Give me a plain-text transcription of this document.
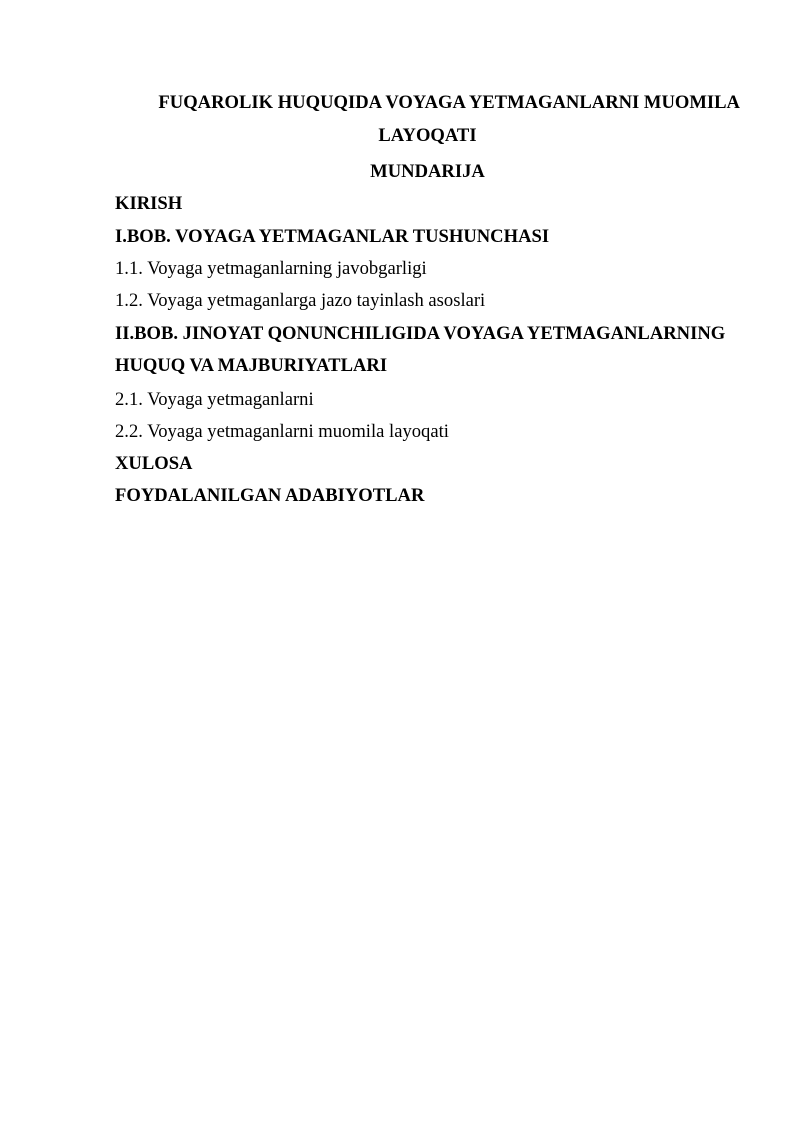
FUQAROLIK HUQUQIDA VOYAGA YETMAGANLARNI MUOMILA
LAYOQATI
MUNDARIJA
KIRISH
I.BOB. VOYAGA YETMAGANLAR TUSHUNCHASI
1.1. Voyaga yetmaganlarning javobgarligi
1.2. Voyaga yetmaganlarga jazo tayinlash asoslari
II.BOB. JINOYAT QONUNCHILIGIDA VOYAGA YETMAGANLARNING
HUQUQ VA MAJBURIYATLARI
2.1. Voyaga yetmaganlarni
2.2. Voyaga yetmaganlarni muomila layoqati
XULOSA
FOYDALANILGAN ADABIYOTLAR
